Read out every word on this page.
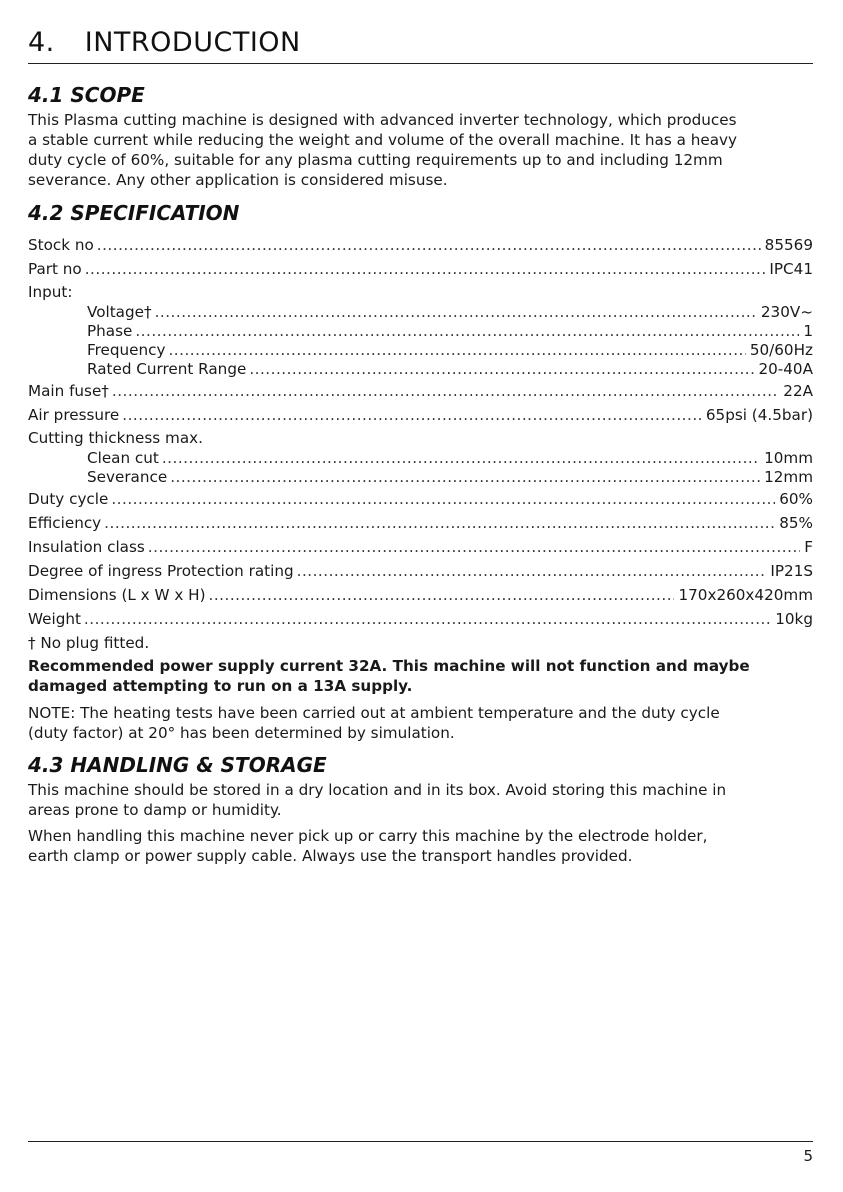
4. INTRODUCTION
4.1 SCOPE

This Plasma cutting machine is designed with advanced inverter technology, which produces

a stable current while reducing the weight and volume of the overall machine. It has a heavy

duty cycle of 60%, suitable for any plasma cutting requirements up to and including 12mm

severance. Any other application is considered misuse.

4.2 SPECIFICATION
Stock no .....	85569
Part no .....	IPC41
Input:
Voltage† .....	230V~
Phase .....	1
Frequency .....	50/60Hz
Rated Current Range .....	20-40A
Main fuse† .....	22A
Air pressure .....	65psi (4.5bar)
Cutting thickness max.
Clean cut .....	10mm
Severance .....	12mm
Duty cycle .....	60%
Efficiency .....	85%
Insulation class .....	F
Degree of ingress Protection rating .....	IP21S
Dimensions (L x W x H) .....	170x260x420mm
Weight .....	10kg
† No plug fitted.

Recommended power supply current 32A. This machine will not function and maybe

damaged attempting to run on a 13A supply.

NOTE: The heating tests have been carried out at ambient temperature and the duty cycle

(duty factor) at 20° has been determined by simulation.

4.3 HANDLING & STORAGE

This machine should be stored in a dry location and in its box. Avoid storing this machine in

areas prone to damp or humidity.

When handling this machine never pick up or carry this machine by the electrode holder,

earth clamp or power supply cable. Always use the transport handles provided.

5
